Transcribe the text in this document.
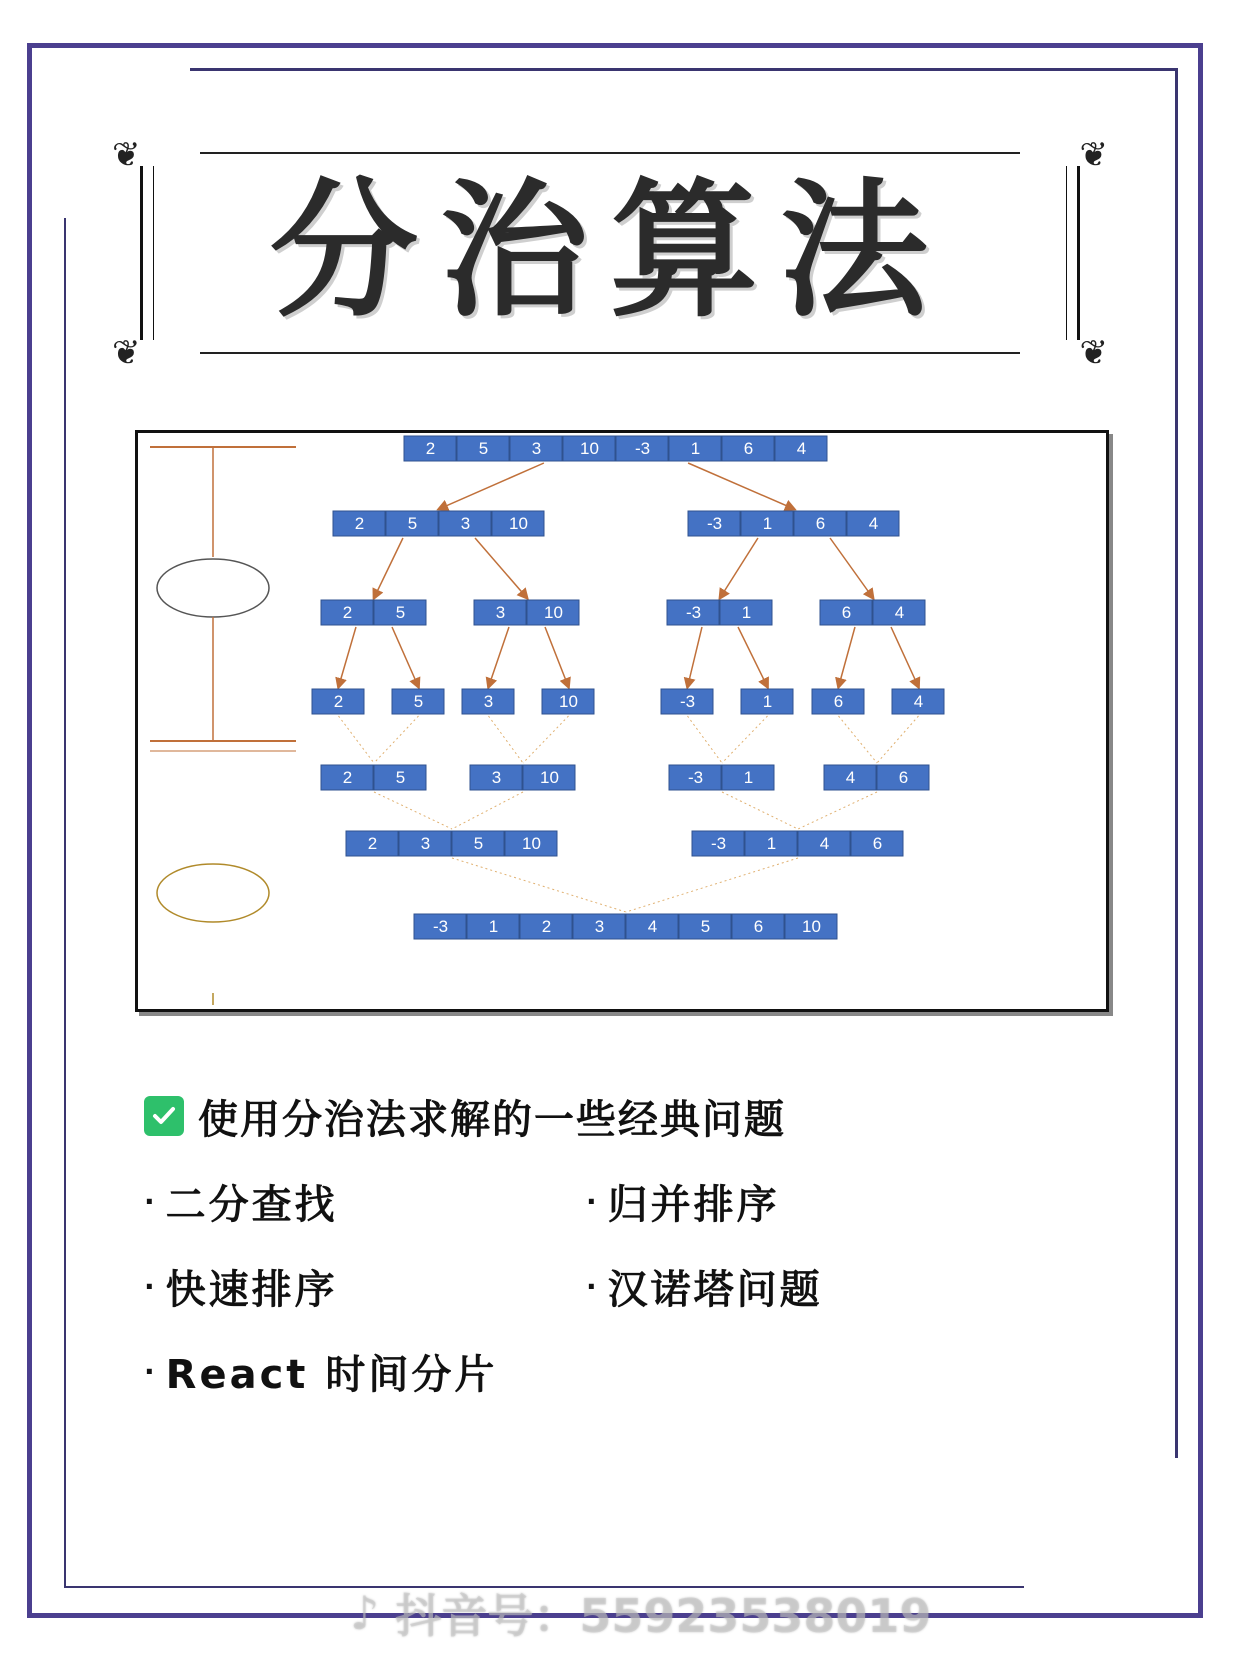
❦	❦
❦	❦
分治算法
2	5	3 10 -3 1	6	4
2	5	3 10	-3 1	6	4
2	5	3 10	-3 1	6	4
2	5	3	10	-3	1	6	4
2	5	3 10	-3 1	4	6
2	3	5 10	-3 1	4	6
-3 1	2	3	4	5	6 10
使用分治法求解的一些经典问题
· 二分查找	· 归并排序
· 快速排序	· 汉诺塔问题
· React 时间分片
♪ 抖音号：55923538019
